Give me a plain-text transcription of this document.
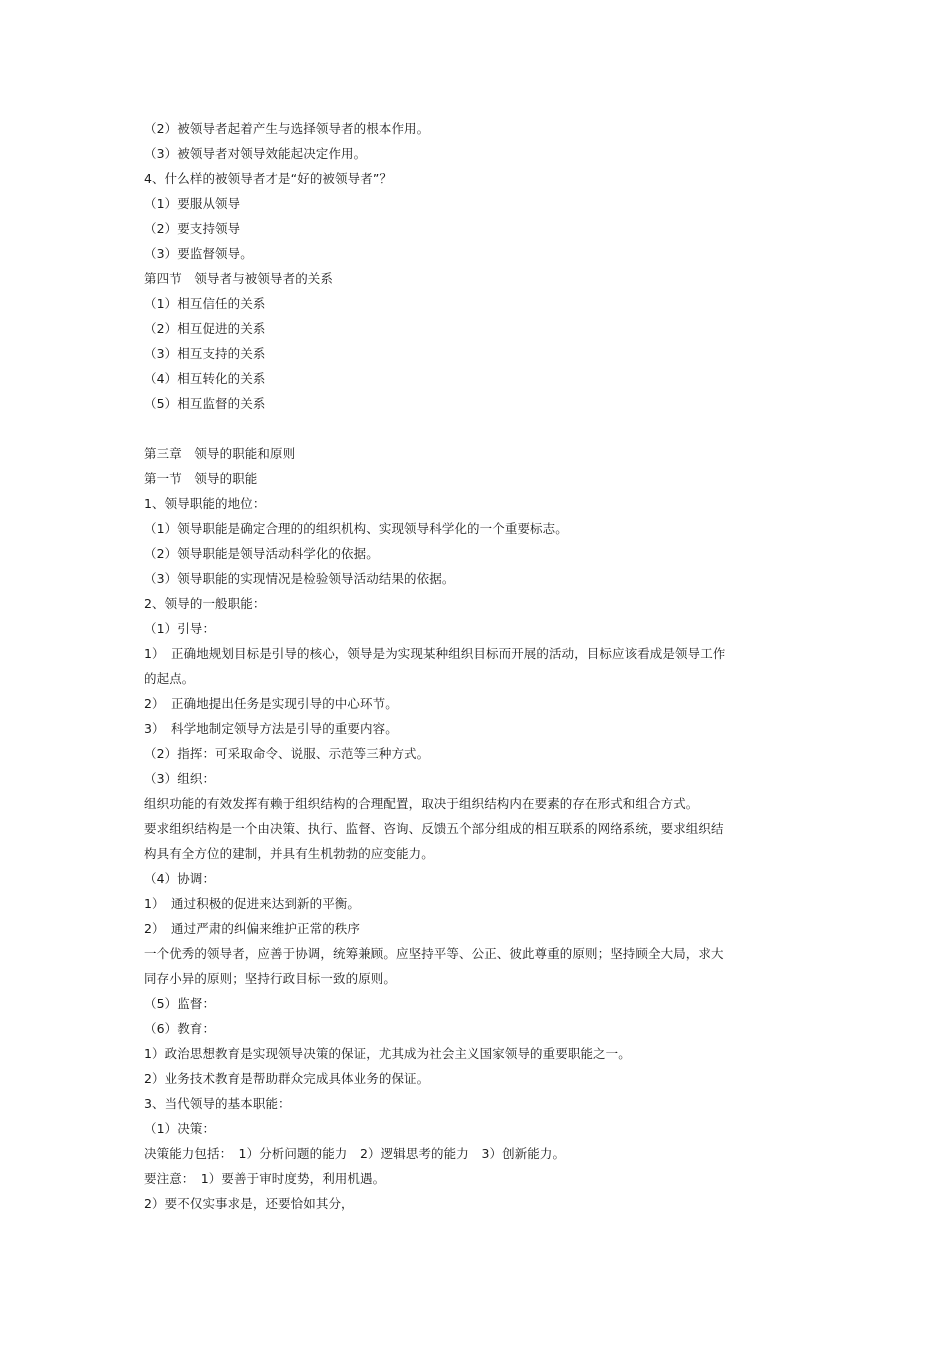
（2）被领导者起着产生与选择领导者的根本作用。
（3）被领导者对领导效能起决定作用。
4、什么样的被领导者才是“好的被领导者”？
（1）要服从领导
（2）要支持领导
（3）要监督领导。
第四节　领导者与被领导者的关系
（1）相互信任的关系
（2）相互促进的关系
（3）相互支持的关系
（4）相互转化的关系
（5）相互监督的关系
第三章　领导的职能和原则
第一节　领导的职能
1、领导职能的地位：
（1）领导职能是确定合理的的组织机构、实现领导科学化的一个重要标志。
（2）领导职能是领导活动科学化的依据。
（3）领导职能的实现情况是检验领导活动结果的依据。
2、领导的一般职能：
（1）引导：
1）　正确地规划目标是引导的核心，领导是为实现某种组织目标而开展的活动，目标应该看成是领导工作
的起点。
2）　正确地提出任务是实现引导的中心环节。
3）　科学地制定领导方法是引导的重要内容。
（2）指挥：可采取命令、说服、示范等三种方式。
（3）组织：
组织功能的有效发挥有赖于组织结构的合理配置，取决于组织结构内在要素的存在形式和组合方式。
要求组织结构是一个由决策、执行、监督、咨询、反馈五个部分组成的相互联系的网络系统，要求组织结
构具有全方位的建制，并具有生机勃勃的应变能力。
（4）协调：
1）　通过积极的促进来达到新的平衡。
2）　通过严肃的纠偏来维护正常的秩序
一个优秀的领导者，应善于协调，统筹兼顾。应坚持平等、公正、彼此尊重的原则；坚持顾全大局，求大
同存小异的原则；坚持行政目标一致的原则。
（5）监督：
（6）教育：
1）政治思想教育是实现领导决策的保证，尤其成为社会主义国家领导的重要职能之一。
2）业务技术教育是帮助群众完成具体业务的保证。
3、当代领导的基本职能：
（1）决策：
决策能力包括：　1）分析问题的能力　2）逻辑思考的能力　3）创新能力。
要注意：　1）要善于审时度势，利用机遇。
2）要不仅实事求是，还要恰如其分，
